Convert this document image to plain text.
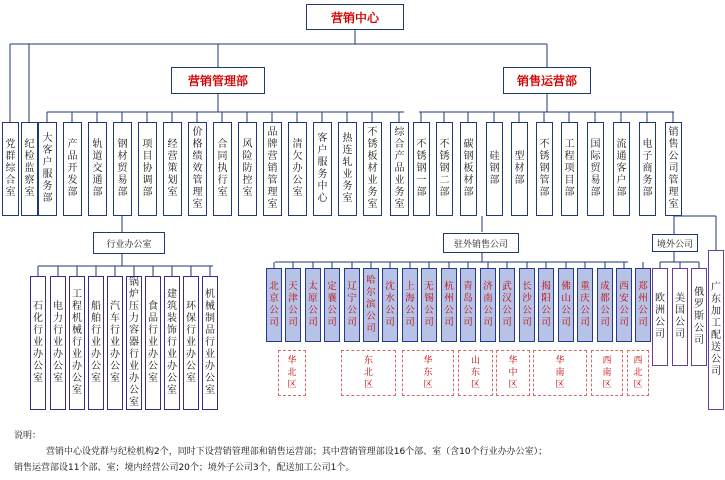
营销中心
营销管理部	销售运营部
党群综合室
纪检监察室
大客户服务部
产品开发部
轨道交通部
钢材贸易部
项目协调部
经营策划室
价格绩效管理室
合同执行室
风险防控室
品牌营销管理室
清欠办公室
客户服务中心
热连轧业务室
不锈板材业务室
综合产品业务室
不锈钢一部
不锈钢二部
碳钢板材部
硅钢部
型材部
不锈钢管部
工程项目部
国际贸易部
流通客户部
电子商务部
销售公司管理室
石化行业办公室
电力行业办公室
工程机械行业办公室
船舶行业办公室
汽车行业办公室
锅炉压力容器行业办公室
食品行业办公室
建筑装饰行业办公室
环保行业办公室
机械制品行业办公室
北京公司
天津公司
太原公司
定襄公司
辽宁公司
哈尔滨公司
沈水公司
上海公司
无锡公司
杭州公司
青岛公司
济南公司
武汉公司
长沙公司
揭阳公司
佛山公司
重庆公司
成都公司
西安公司
郑州公司
华北区
东北区
华东区
山东区
华中区
华南区
西南区
西北区
欧洲公司
美国公司
俄罗斯公司
广东加工配送公司
行业办公室	驻外销售公司	境外公司
说明：
营销中心设党群与纪检机构2个，同时下设营销管理部和销售运营部；其中营销管理部设16个部、室（含10个行业办办公室）；
销售运营部设11个部、室；境内经营公司20个；境外子公司3个，配送加工公司1个。
